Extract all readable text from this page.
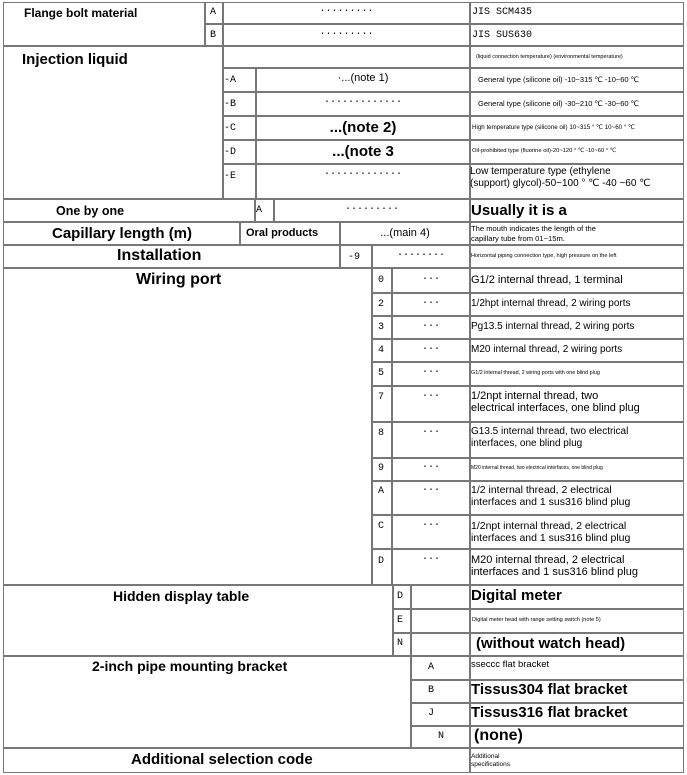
Flange bolt material	A	·········	JIS SCM435
B	·········	JIS SUS630
Injection liquid	(liquid connection temperature) (environmental temperature)
-A	·...(note 1)	General type (silicone oil) -10~315 ℃ -10~60 ℃
-B	·············	General type (silicone oil) -30~210 ℃ -30~60 ℃
-C	...(note 2)	High temperature type (silicone oil) 10~315 ° ℃ 10~60 ° ℃
-D	...(note 3	Oil-prohibited type (fluorine oil)-20~120 ° ℃ -10~60 ° ℃
-E	·············	Low temperature type (ethylene
(support) glycol)-50~100 ° ℃ -40 ~60 ℃
One by one	A	·········	Usually it is a
Capillary length (m)	Oral products	...(main 4)	The mouth indicates the length of the
capillary tube from 01~15m.
Installation	-9	········	Horizontal piping connection type, high pressure on the left
Wiring port	0	···	G1/2 internal thread, 1 terminal
2	···	1/2hpt internal thread, 2 wiring ports
3	···	Pg13.5 internal thread, 2 wiring ports
4	···	M20 internal thread, 2 wiring ports
5	···	G1/2 internal thread, 2 wiring ports with one blind plug
7	···	1/2npt internal thread, two
electrical interfaces, one blind plug
8	···	G13.5 internal thread, two electrical
interfaces, one blind plug
9	···	M20 internal thread, two electrical interfaces, one blind plug
A	···	1/2 internal thread, 2 electrical
interfaces and 1 sus316 blind plug
C	···	1/2npt internal thread, 2 electrical
interfaces and 1 sus316 blind plug
D	···	M20 internal thread, 2 electrical
interfaces and 1 sus316 blind plug
Hidden display table	D	Digital meter
E	Digital meter head with range setting switch (note 5)
N	(without watch head)
2-inch pipe mounting bracket	A	sseccc flat bracket
B Tissus304 flat bracket
J Tissus316 flat bracket
N (none)
Additional selection code	Additional
specifications
